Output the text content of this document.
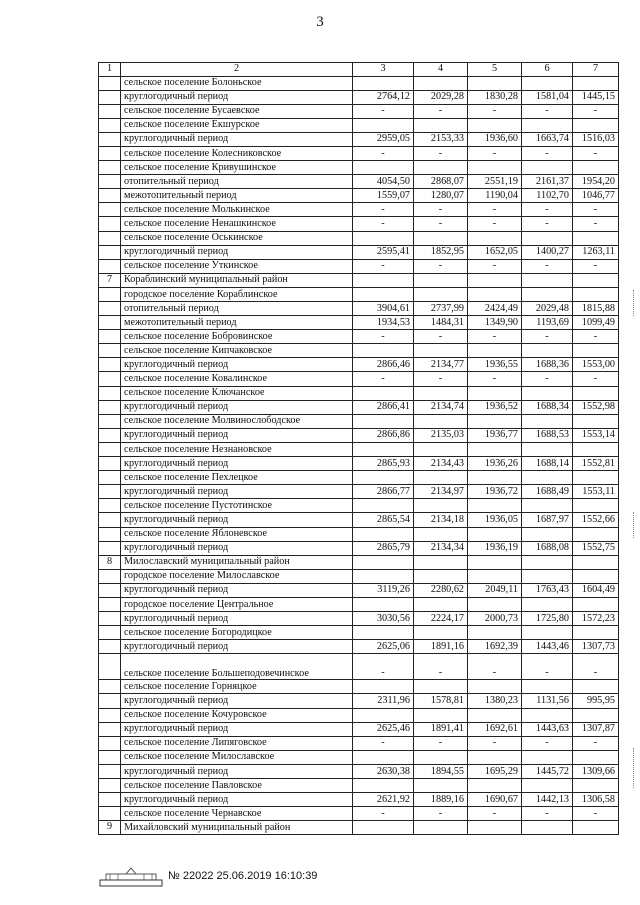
3
1	2	3	4	5	6	7
	сельское поселение Болоньское					
	круглогодичный период	2764,12	2029,28	1830,28	1581,04	1445,15
	сельское поселение Бусаевское	-	-	-	-	-
	сельское поселение Екшурское					
	круглогодичный период	2959,05	2153,33	1936,60	1663,74	1516,03
	сельское поселение Колесниковское	-	-	-	-	-
	сельское поселение Кривушинское					
	отопительный период	4054,50	2868,07	2551,19	2161,37	1954,20
	межотопительный период	1559,07	1280,07	1190,04	1102,70	1046,77
	сельское поселение Молькинское	-	-	-	-	-
	сельское поселение Ненашкинское	-	-	-	-	-
	сельское поселение Оськинское					
	круглогодичный период	2595,41	1852,95	1652,05	1400,27	1263,11
	сельское поселение Уткинское	-	-	-	-	-
7	Кораблинский муниципальный район					
	городское поселение Кораблинское					
	отопительный период	3904,61	2737,99	2424,49	2029,48	1815,88
	межотопительный период	1934,53	1484,31	1349,90	1193,69	1099,49
	сельское поселение Бобровинское	-	-	-	-	-
	сельское поселение Кипчаковское					
	круглогодичный период	2866,46	2134,77	1936,55	1688,36	1553,00
	сельское поселение Ковалинское	-	-	-	-	-
	сельское поселение Ключанское					
	круглогодичный период	2866,41	2134,74	1936,52	1688,34	1552,98
	сельское поселение Молвинослободское					
	круглогодичный период	2866,86	2135,03	1936,77	1688,53	1553,14
	сельское поселение Незнановское					
	круглогодичный период	2865,93	2134,43	1936,26	1688,14	1552,81
	сельское поселение Пехлецкое					
	круглогодичный период	2866,77	2134,97	1936,72	1688,49	1553,11
	сельское поселение Пустотинское					
	круглогодичный период	2865,54	2134,18	1936,05	1687,97	1552,66
	сельское поселение Яблоневское					
	круглогодичный период	2865,79	2134,34	1936,19	1688,08	1552,75
8	Милославский муниципальный район					
	городское поселение Милославское					
	круглогодичный период	3119,26	2280,62	2049,11	1763,43	1604,49
	городское поселение Центральное					
	круглогодичный период	3030,56	2224,17	2000,73	1725,80	1572,23
	сельское поселение Богородицкое					
	круглогодичный период	2625,06	1891,16	1692,39	1443,46	1307,73
	сельское поселение Большеподовечинское	-	-	-	-	-
	сельское поселение Горняцкое					
	круглогодичный период	2311,96	1578,81	1380,23	1131,56	995,95
	сельское поселение Кочуровское					
	круглогодичный период	2625,46	1891,41	1692,61	1443,63	1307,87
	сельское поселение Липяговское	-	-	-	-	-
	сельское поселение Милославское					
	круглогодичный период	2630,38	1894,55	1695,29	1445,72	1309,66
	сельское поселение Павловское					
	круглогодичный период	2621,92	1889,16	1690,67	1442,13	1306,58
	сельское поселение Чернавское	-	-	-	-	-
9	Михайловский муниципальный район					
№ 22022 25.06.2019 16:10:39
